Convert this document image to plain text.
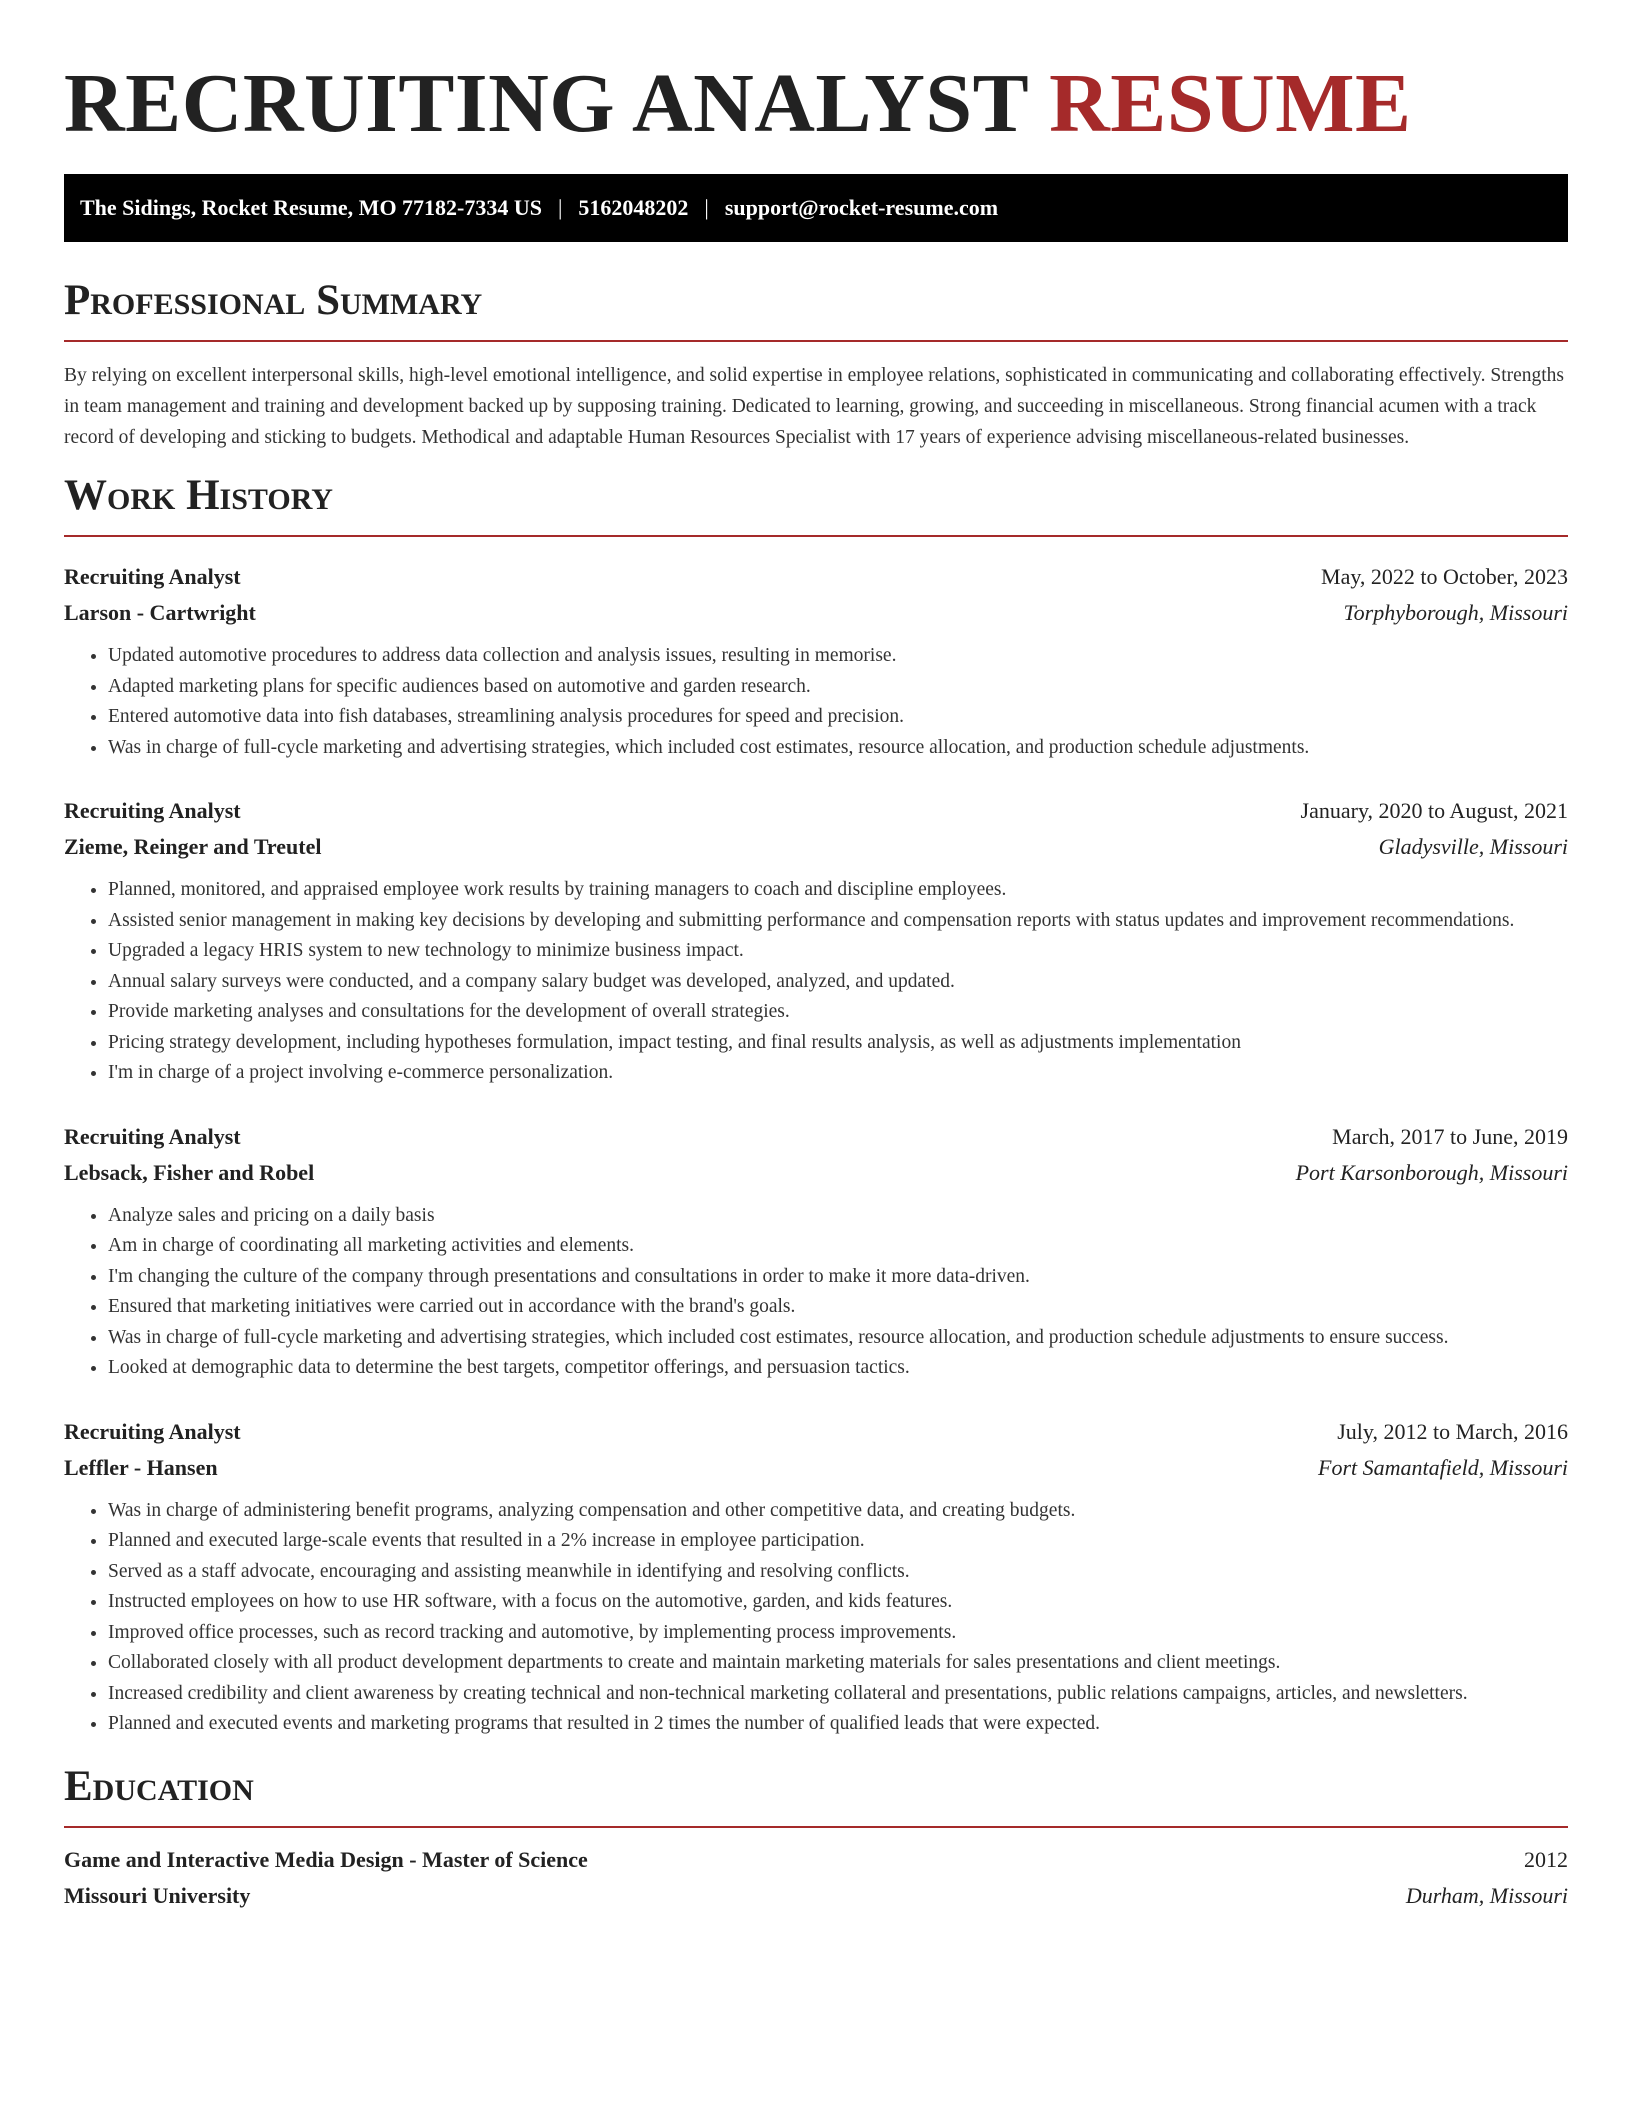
RECRUITING ANALYST RESUME
The Sidings, Rocket Resume, MO 77182-7334 US | 5162048202 | support@rocket-resume.com
Professional Summary

By relying on excellent interpersonal skills, high-level emotional intelligence, and solid expertise in employee relations, sophisticated in communicating and collaborating effectively. Strengths in team management and training and development backed up by supposing training. Dedicated to learning, growing, and succeeding in miscellaneous. Strong financial acumen with a track record of developing and sticking to budgets. Methodical and adaptable Human Resources Specialist with 17 years of experience advising miscellaneous-related businesses.

Work History
Recruiting Analyst	May, 2022 to October, 2023
Larson - Cartwright	Torphyborough, Missouri
• Updated automotive procedures to address data collection and analysis issues, resulting in memorise.
• Adapted marketing plans for specific audiences based on automotive and garden research.
• Entered automotive data into fish databases, streamlining analysis procedures for speed and precision.
• Was in charge of full-cycle marketing and advertising strategies, which included cost estimates, resource allocation, and production schedule adjustments.
Recruiting Analyst	January, 2020 to August, 2021
Zieme, Reinger and Treutel	Gladysville, Missouri
• Planned, monitored, and appraised employee work results by training managers to coach and discipline employees.
• Assisted senior management in making key decisions by developing and submitting performance and compensation reports with status updates and improvement recommendations.
• Upgraded a legacy HRIS system to new technology to minimize business impact.
• Annual salary surveys were conducted, and a company salary budget was developed, analyzed, and updated.
• Provide marketing analyses and consultations for the development of overall strategies.
• Pricing strategy development, including hypotheses formulation, impact testing, and final results analysis, as well as adjustments implementation
• I'm in charge of a project involving e-commerce personalization.
Recruiting Analyst	March, 2017 to June, 2019
Lebsack, Fisher and Robel	Port Karsonborough, Missouri
• Analyze sales and pricing on a daily basis
• Am in charge of coordinating all marketing activities and elements.
• I'm changing the culture of the company through presentations and consultations in order to make it more data-driven.
• Ensured that marketing initiatives were carried out in accordance with the brand's goals.
• Was in charge of full-cycle marketing and advertising strategies, which included cost estimates, resource allocation, and production schedule adjustments to ensure success.
• Looked at demographic data to determine the best targets, competitor offerings, and persuasion tactics.
Recruiting Analyst	July, 2012 to March, 2016
Leffler - Hansen	Fort Samantafield, Missouri
• Was in charge of administering benefit programs, analyzing compensation and other competitive data, and creating budgets.
• Planned and executed large-scale events that resulted in a 2% increase in employee participation.
• Served as a staff advocate, encouraging and assisting meanwhile in identifying and resolving conflicts.
• Instructed employees on how to use HR software, with a focus on the automotive, garden, and kids features.
• Improved office processes, such as record tracking and automotive, by implementing process improvements.
• Collaborated closely with all product development departments to create and maintain marketing materials for sales presentations and client meetings.
• Increased credibility and client awareness by creating technical and non-technical marketing collateral and presentations, public relations campaigns, articles, and newsletters.
• Planned and executed events and marketing programs that resulted in 2 times the number of qualified leads that were expected.
Education
Game and Interactive Media Design - Master of Science	2012
Missouri University	Durham, Missouri
